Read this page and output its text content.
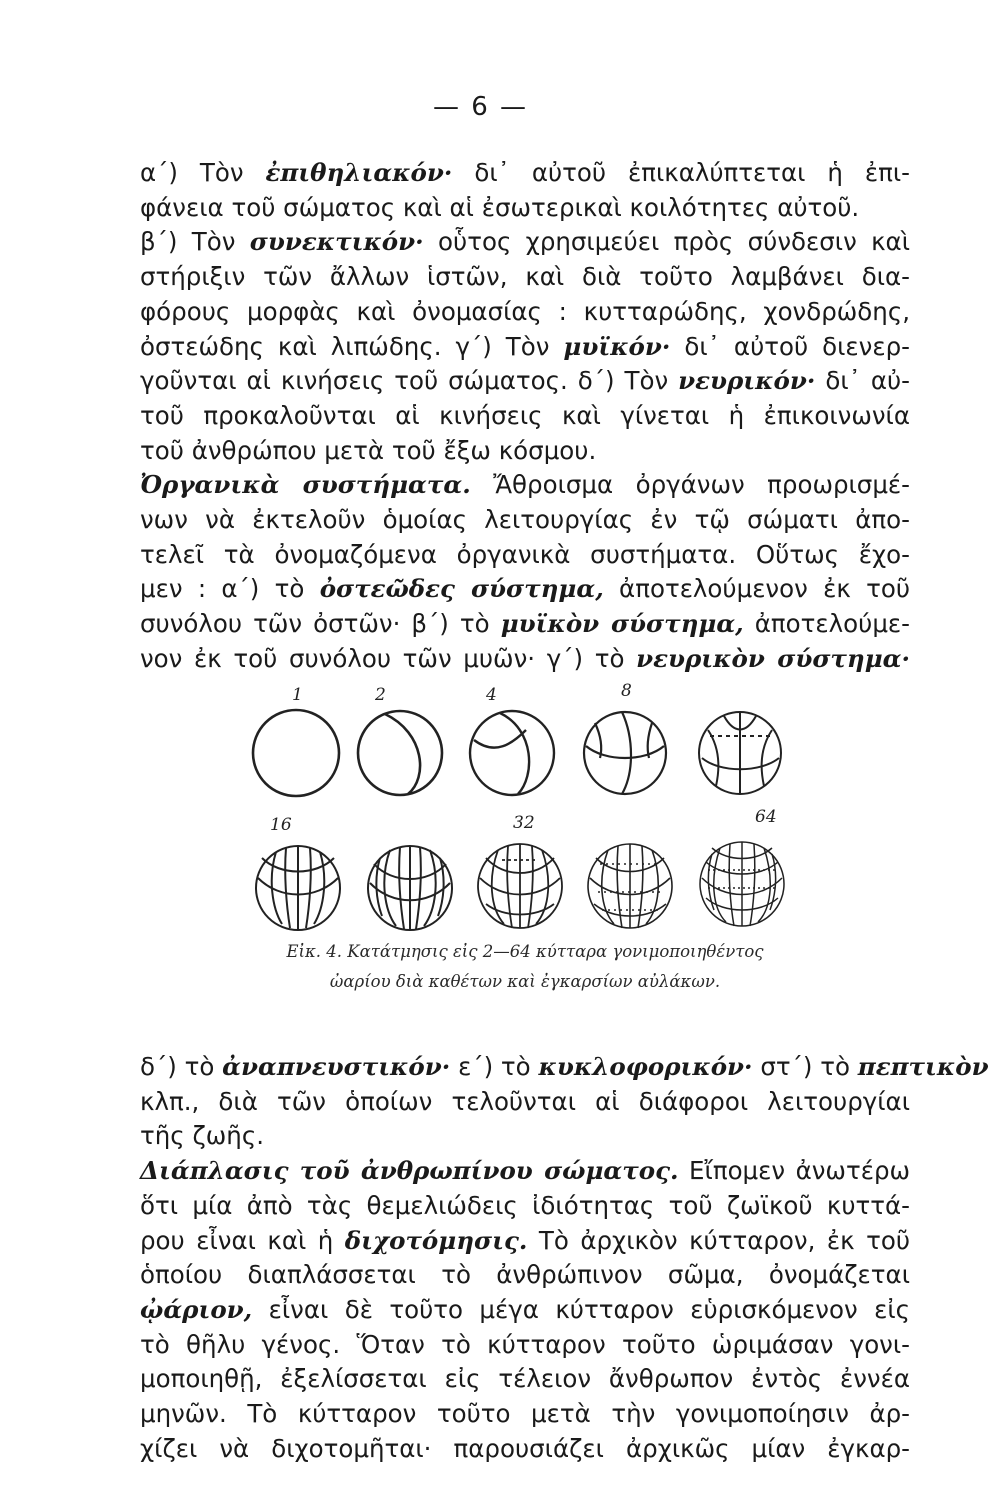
— 6 —
α΄) Τὸν ἐπιθηλιακόν· δι᾿ αὐτοῦ ἐπικαλύπτεται ἡ ἐπι-
φάνεια τοῦ σώματος καὶ αἱ ἐσωτερικαὶ κοιλότητες αὐτοῦ.
β΄) Τὸν συνεκτικόν· οὗτος χρησιμεύει πρὸς σύνδεσιν καὶ
στήριξιν τῶν ἄλλων ἱστῶν, καὶ διὰ τοῦτο λαμβάνει δια-
φόρους μορφὰς καὶ ὀνομασίας : κυτταρώδης, χονδρώδης,
ὀστεώδης καὶ λιπώδης. γ΄) Τὸν μυϊκόν· δι᾿ αὐτοῦ διενερ-
γοῦνται αἱ κινήσεις τοῦ σώματος. δ΄) Τὸν νευρικόν· δι᾿ αὐ-
τοῦ προκαλοῦνται αἱ κινήσεις καὶ γίνεται ἡ ἐπικοινωνία
τοῦ ἀνθρώπου μετὰ τοῦ ἔξω κόσμου.
Ὀργανικὰ συστήματα. Ἄθροισμα ὀργάνων προωρισμέ-
νων νὰ ἐκτελοῦν ὁμοίας λειτουργίας ἐν τῷ σώματι ἀπο-
τελεῖ τὰ ὀνομαζόμενα ὀργανικὰ συστήματα. Οὕτως ἔχο-
μεν : α΄) τὸ ὀστεῶδες σύστημα, ἀποτελούμενον ἐκ τοῦ
συνόλου τῶν ὀστῶν· β΄) τὸ μυϊκὸν σύστημα, ἀποτελούμε-
νον ἐκ τοῦ συνόλου τῶν μυῶν· γ΄) τὸ νευρικὸν σύστημα·
1	2	4	8
16	32	64
Εἰκ. 4. Κατάτμησις εἰς 2—64 κύτταρα γονιμοποιηθέντος
ὠαρίου διὰ καθέτων καὶ ἐγκαρσίων αὐλάκων.
δ΄) τὸ ἀναπνευστικόν· ε΄) τὸ κυκλοφορικόν· στ΄) τὸ πεπτικὸν
κλπ., διὰ τῶν ὁποίων τελοῦνται αἱ διάφοροι λειτουργίαι
τῆς ζωῆς.
Διάπλασις τοῦ ἀνθρωπίνου σώματος. Εἴπομεν ἀνωτέρω
ὅτι μία ἀπὸ τὰς θεμελιώδεις ἰδιότητας τοῦ ζωϊκοῦ κυττά-
ρου εἶναι καὶ ἡ διχοτόμησις. Τὸ ἀρχικὸν κύτταρον, ἐκ τοῦ
ὁποίου διαπλάσσεται τὸ ἀνθρώπινον σῶμα, ὀνομάζεται
ᾠάριον, εἶναι δὲ τοῦτο μέγα κύτταρον εὑρισκόμενον εἰς
τὸ θῆλυ γένος. Ὅταν τὸ κύτταρον τοῦτο ὡριμάσαν γονι-
μοποιηθῇ, ἐξελίσσεται εἰς τέλειον ἄνθρωπον ἐντὸς ἐννέα
μηνῶν. Τὸ κύτταρον τοῦτο μετὰ τὴν γονιμοποίησιν ἀρ-
χίζει νὰ διχοτομῆται· παρουσιάζει ἀρχικῶς μίαν ἐγκαρ-
